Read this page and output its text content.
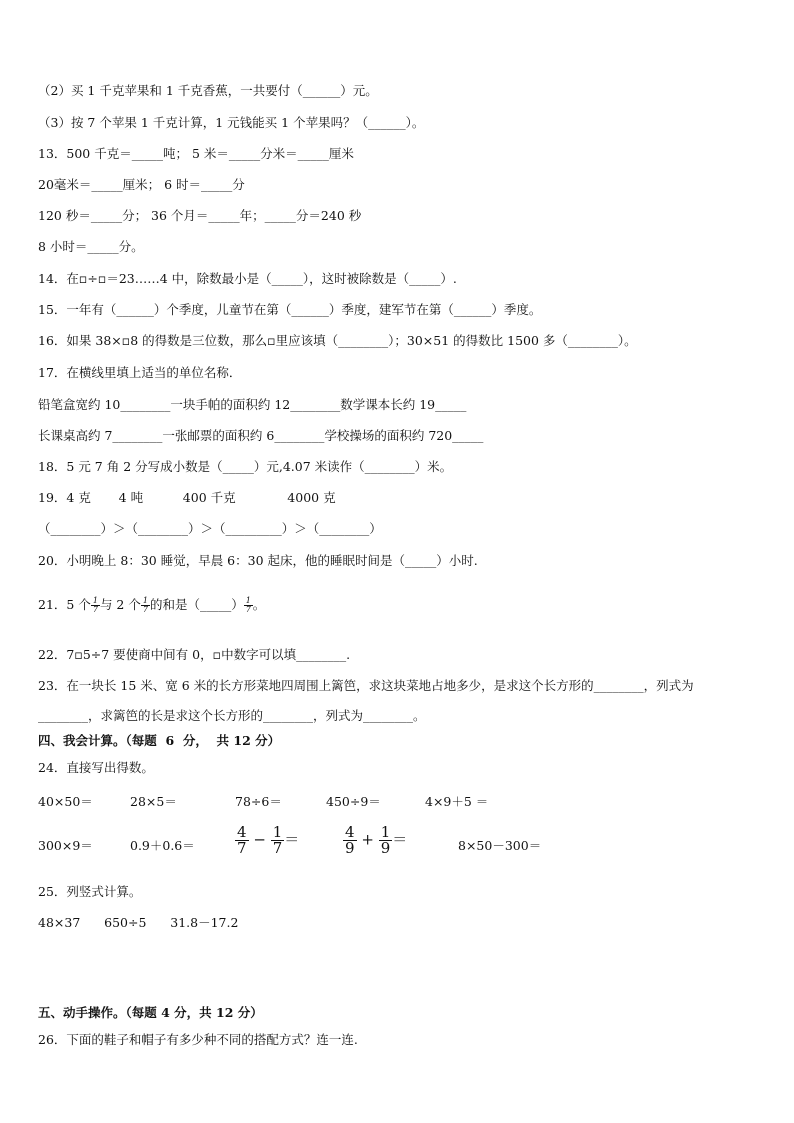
（2）买 1 千克苹果和 1 千克香蕉，一共要付（______）元。
（3）按 7 个苹果 1 千克计算，1 元钱能买 1 个苹果吗？（______）。
13．500 千克＝_____吨； 5 米＝_____分米＝_____厘米
20毫米＝_____厘米； 6 时＝_____分
120 秒＝_____分； 36 个月＝_____年；_____分＝240 秒
8 小时＝_____分。
14．在▫÷▫＝23……4 中，除数最小是（_____），这时被除数是（_____）.
15．一年有（______）个季度，儿童节在第（______）季度，建军节在第（______）季度。
16．如果 38×▫8 的得数是三位数，那么▫里应该填（________）；30×51 的得数比 1500 多（________）。
17．在横线里填上适当的单位名称．
铅笔盒宽约 10________一块手帕的面积约 12________数学课本长约 19_____
长课桌高约 7________一张邮票的面积约 6________学校操场的面积约 720_____
18．5 元 7 角 2 分写成小数是（_____）元,4.07 米读作（________）米。
19．4 克       4 吨          400 千克             4000 克
（________）＞（________）＞（_________）＞（________）
20．小明晚上 8：30 睡觉，早晨 6：30 起床，他的睡眠时间是（_____）小时.
21．5 个 $\frac{1}{7}$ 与 2 个 $\frac{1}{7}$ 的和是（_____） $\frac{1}{7}$ 。
22．7▫5÷7 要使商中间有 0，▫中数字可以填________.
23．在一块长 15 米、宽 6 米的长方形菜地四周围上篱笆，求这块菜地占地多少，是求这个长方形的________，列式为
________，求篱笆的长是求这个长方形的________，列式为________。
四、我会计算。（每题  6  分，  共 12 分）
24．直接写出得数。
40×50＝	28×5＝	78÷6＝	450÷9＝	4×9＋5 ＝
300×9＝	0.9＋0.6＝	$\frac{4}{7} - \frac{1}{7}$ ＝	$\frac{4}{9} + \frac{1}{9}$ ＝	8×50－300＝
25．列竖式计算。
48×37      650÷5      31.8－17.2
五、动手操作。（每题 4 分，共 12 分）
26．下面的鞋子和帽子有多少种不同的搭配方式？连一连.
